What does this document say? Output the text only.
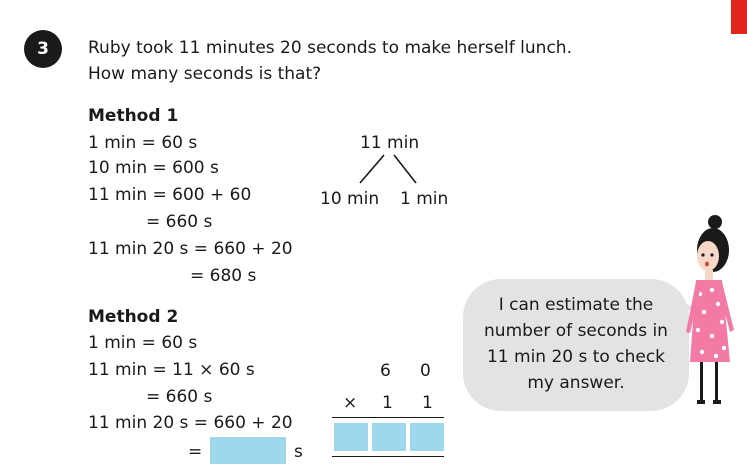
3 Ruby took 11 minutes 20 seconds to make herself lunch.
How many seconds is that?
Method 1
1 min = 60 s
10 min = 600 s
11 min = 600 + 60
= 660 s
11 min 20 s = 660 + 20
= 680 s
11 min
10 min 1 min
Method 2
1 min = 60 s
11 min = 11 × 60 s
= 660 s
11 min 20 s = 660 + 20
=	s
6 0
× 1 1
I can estimate the
number of seconds in
11 min 20 s to check
my answer.
